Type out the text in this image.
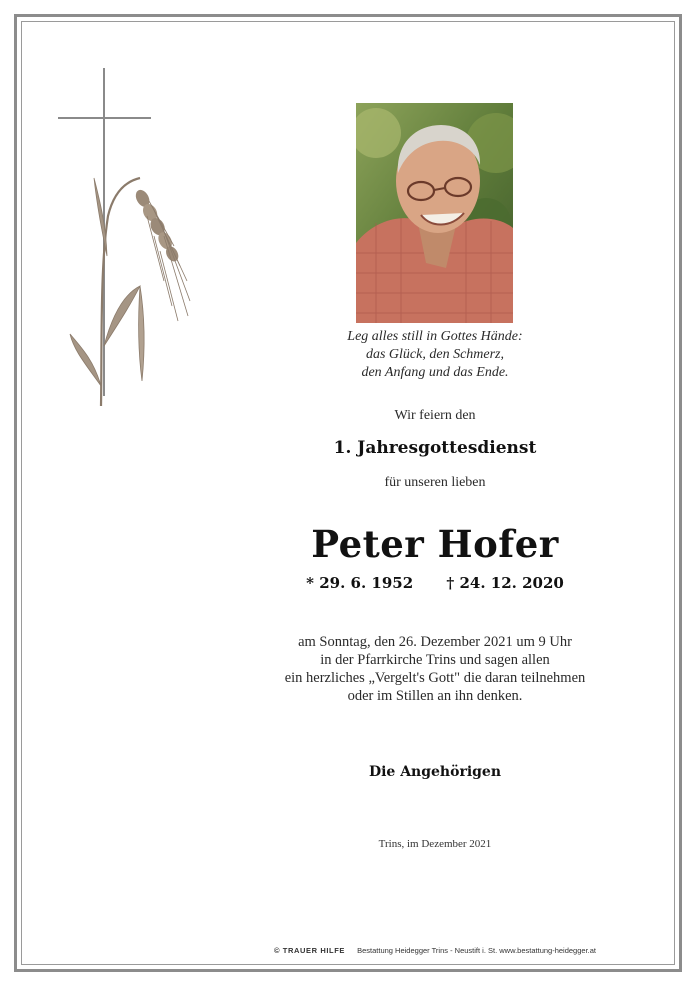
Leg alles still in Gottes Hände:
das Glück, den Schmerz,
den Anfang und das Ende.
Wir feiern den
1. Jahresgottesdienst
für unseren lieben
Peter Hofer
* 29. 6. 1952 † 24. 12. 2020
am Sonntag, den 26. Dezember 2021 um 9 Uhr
in der Pfarrkirche Trins und sagen allen
ein herzliches „Vergelt's Gott" die daran teilnehmen
oder im Stillen an ihn denken.
Die Angehörigen
Trins, im Dezember 2021
© TRAUER HILFE Bestattung Heidegger Trins - Neustift i. St. www.bestattung-heidegger.at
